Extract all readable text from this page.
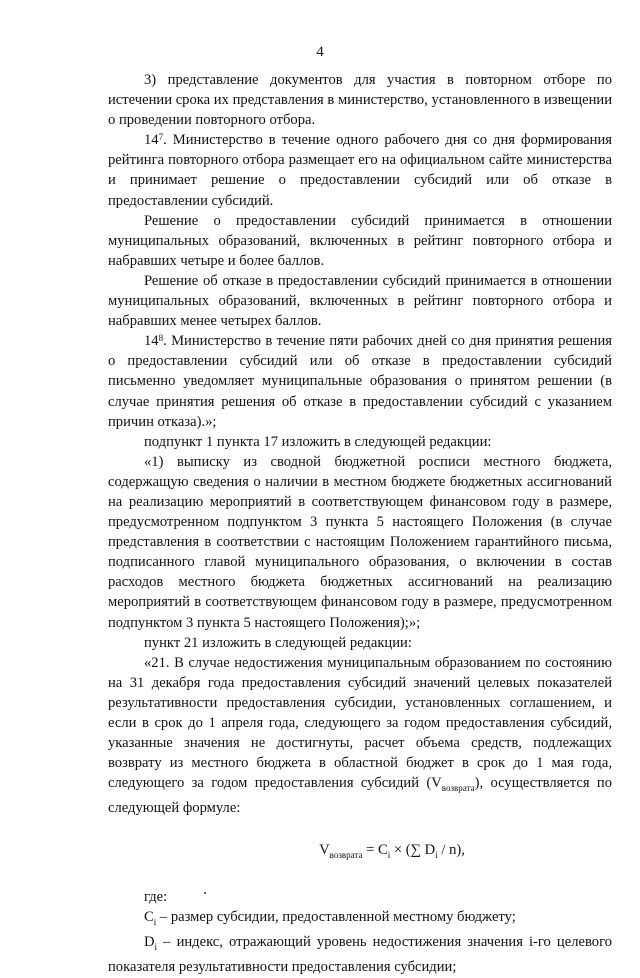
4

3) представление документов для участия в повторном отборе по истечении срока их представления в министерство, установленного в извещении о проведении повторного отбора.

$14^7$. Министерство в течение одного рабочего дня со дня формирования рейтинга повторного отбора размещает его на официальном сайте министерства и принимает решение о предоставлении субсидий или об отказе в предоставлении субсидий.

Решение о предоставлении субсидий принимается в отношении муниципальных образований, включенных в рейтинг повторного отбора и набравших четыре и более баллов.

Решение об отказе в предоставлении субсидий принимается в отношении муниципальных образований, включенных в рейтинг повторного отбора и набравших менее четырех баллов.

$14^8$. Министерство в течение пяти рабочих дней со дня принятия решения о предоставлении субсидий или об отказе в предоставлении субсидий письменно уведомляет муниципальные образования о принятом решении (в случае принятия решения об отказе в предоставлении субсидий с указанием причин отказа).»;

подпункт 1 пункта 17 изложить в следующей редакции:

«1) выписку из сводной бюджетной росписи местного бюджета, содержащую сведения о наличии в местном бюджете бюджетных ассигнований на реализацию мероприятий в соответствующем финансовом году в размере, предусмотренном подпунктом 3 пункта 5 настоящего Положения (в случае представления в соответствии с настоящим Положением гарантийного письма, подписанного главой муниципального образования, о включении в состав расходов местного бюджета бюджетных ассигнований на реализацию мероприятий в соответствующем финансовом году в размере, предусмотренном подпунктом 3 пункта 5 настоящего Положения);»;

пункт 21 изложить в следующей редакции:

«21. В случае недостижения муниципальным образованием по состоянию на 31 декабря года предоставления субсидий значений целевых показателей результативности предоставления субсидии, установленных соглашением, и если в срок до 1 апреля года, следующего за годом предоставления субсидий, указанные значения не достигнуты, расчет объема средств, подлежащих возврату из местного бюджета в областной бюджет в срок до 1 мая года, следующего за годом предоставления субсидий $(V_{возврата})$, осуществляется по следующей формуле:

$V_{возврата} = C_i$ × (∑ $D_i / n$),

где:

$C_i$ – размер субсидии, предоставленной местному бюджету;

$D_i$ – индекс, отражающий уровень недостижения значения i-го целевого показателя результативности предоставления субсидии;
